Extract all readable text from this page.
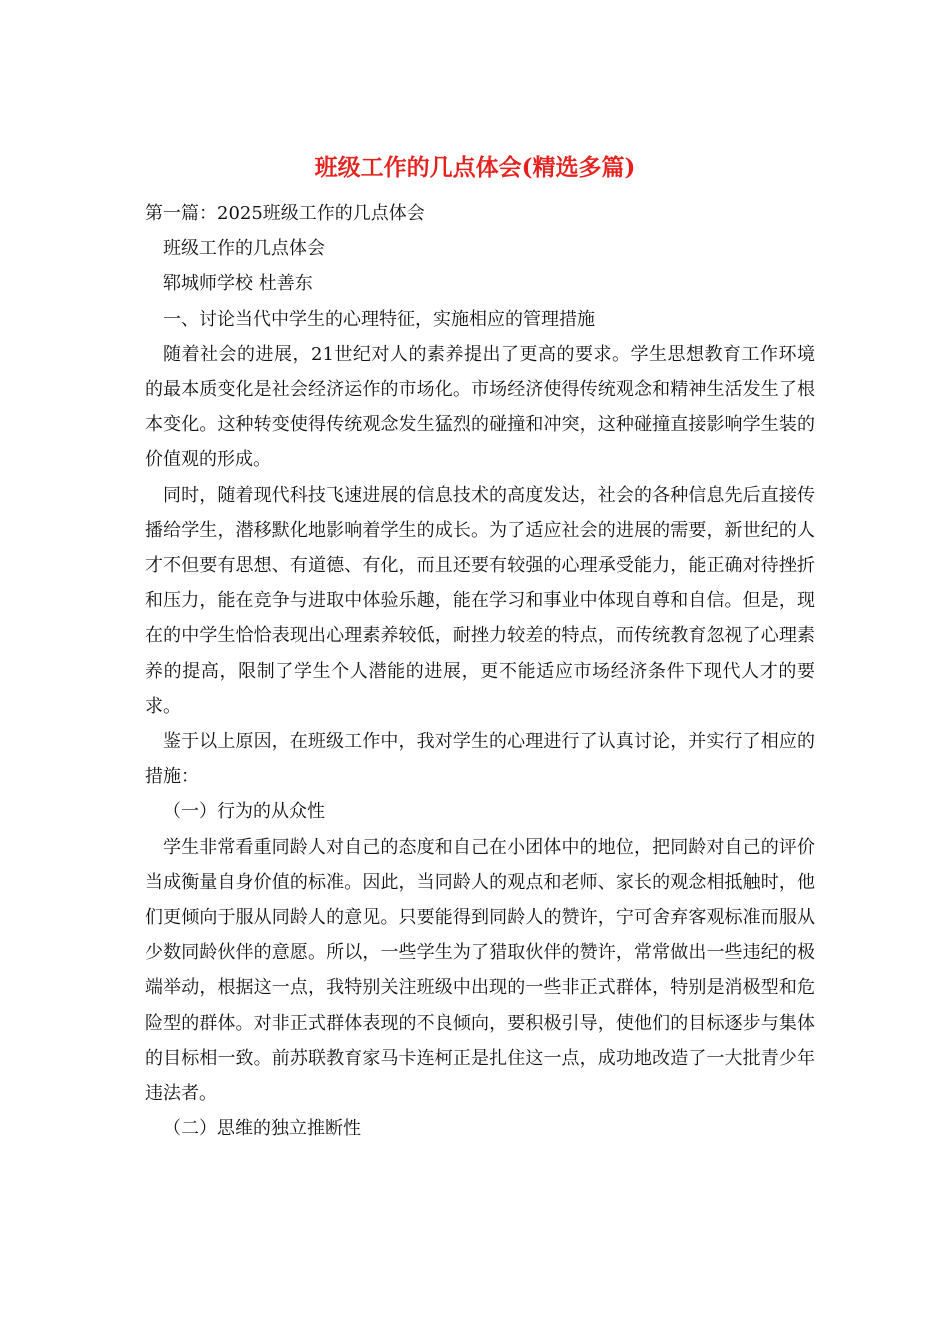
班级工作的几点体会(精选多篇)

第一篇：2025班级工作的几点体会

班级工作的几点体会

郓城师学校 杜善东

一、讨论当代中学生的心理特征，实施相应的管理措施

随着社会的进展，21世纪对人的素养提出了更高的要求。学生思想教育工作环境的最本质变化是社会经济运作的市场化。市场经济使得传统观念和精神生活发生了根本变化。这种转变使得传统观念发生猛烈的碰撞和冲突，这种碰撞直接影响学生装的价值观的形成。

同时，随着现代科技飞速进展的信息技术的高度发达，社会的各种信息先后直接传播给学生，潜移默化地影响着学生的成长。为了适应社会的进展的需要，新世纪的人才不但要有思想、有道德、有化，而且还要有较强的心理承受能力，能正确对待挫折和压力，能在竞争与进取中体验乐趣，能在学习和事业中体现自尊和自信。但是，现在的中学生恰恰表现出心理素养较低，耐挫力较差的特点，而传统教育忽视了心理素养的提高，限制了学生个人潜能的进展，更不能适应市场经济条件下现代人才的要求。

鉴于以上原因，在班级工作中，我对学生的心理进行了认真讨论，并实行了相应的措施：

（一）行为的从众性

学生非常看重同龄人对自己的态度和自己在小团体中的地位，把同龄对自己的评价当成衡量自身价值的标准。因此，当同龄人的观点和老师、家长的观念相抵触时，他们更倾向于服从同龄人的意见。只要能得到同龄人的赞许，宁可舍弃客观标准而服从少数同龄伙伴的意愿。所以，一些学生为了猎取伙伴的赞许，常常做出一些违纪的极端举动，根据这一点，我特别关注班级中出现的一些非正式群体，特别是消极型和危险型的群体。对非正式群体表现的不良倾向，要积极引导，使他们的目标逐步与集体的目标相一致。前苏联教育家马卡连柯正是扎住这一点，成功地改造了一大批青少年违法者。

（二）思维的独立推断性
